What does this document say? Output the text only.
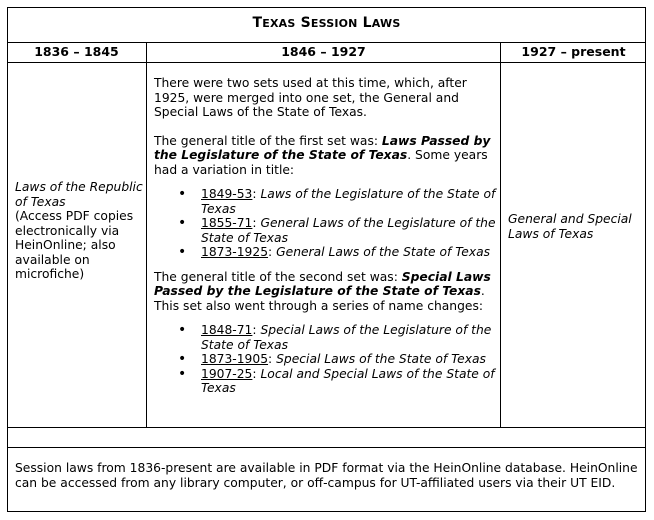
TEXAS SESSION LAWS
1836 – 1845	1846 – 1927	1927 – present
Laws of the Republic of Texas
(Access PDF copies electronically via HeinOnline; also available on microfiche)

There were two sets used at this time, which, after 1925, were merged into one set, the General and Special Laws of the State of Texas.

The general title of the first set was: Laws Passed by the Legislature of the State of Texas. Some years had a variation in title:

• 1849-53: Laws of the Legislature of the State of Texas
• 1855-71: General Laws of the Legislature of the State of Texas
• 1873-1925: General Laws of the State of Texas

The general title of the second set was: Special Laws Passed by the Legislature of the State of Texas. This set also went through a series of name changes:

• 1848-71: Special Laws of the Legislature of the State of Texas
• 1873-1905: Special Laws of the State of Texas
• 1907-25: Local and Special Laws of the State of Texas
General and Special Laws of Texas
Session laws from 1836-present are available in PDF format via the HeinOnline database. HeinOnline can be accessed from any library computer, or off-campus for UT-affiliated users via their UT EID.
